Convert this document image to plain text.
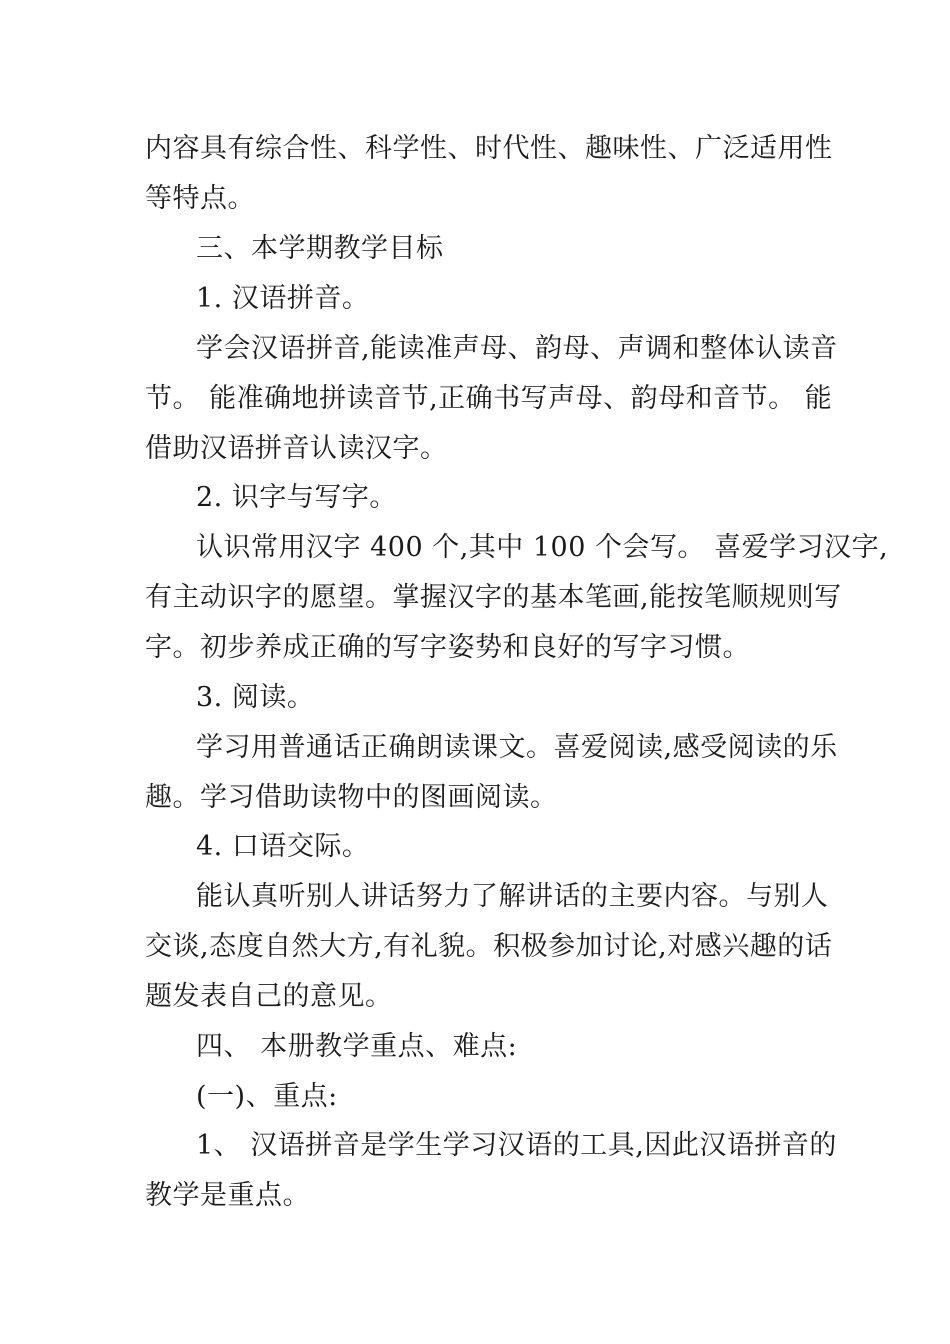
内容具有综合性、科学性、时代性、趣味性、广泛适用性
等特点。
三、本学期教学目标
1. 汉语拼音。
学会汉语拼音,能读准声母、韵母、声调和整体认读音
节。 能准确地拼读音节,正确书写声母、韵母和音节。 能
借助汉语拼音认读汉字。
2. 识字与写字。
认识常用汉字 400 个,其中 100 个会写。 喜爱学习汉字,
有主动识字的愿望。掌握汉字的基本笔画,能按笔顺规则写
字。初步养成正确的写字姿势和良好的写字习惯。
3. 阅读。
学习用普通话正确朗读课文。喜爱阅读,感受阅读的乐
趣。学习借助读物中的图画阅读。
4. 口语交际。
能认真听别人讲话努力了解讲话的主要内容。与别人
交谈,态度自然大方,有礼貌。积极参加讨论,对感兴趣的话
题发表自己的意见。
四、 本册教学重点、难点:
(一)、重点:
1、 汉语拼音是学生学习汉语的工具,因此汉语拼音的
教学是重点。
